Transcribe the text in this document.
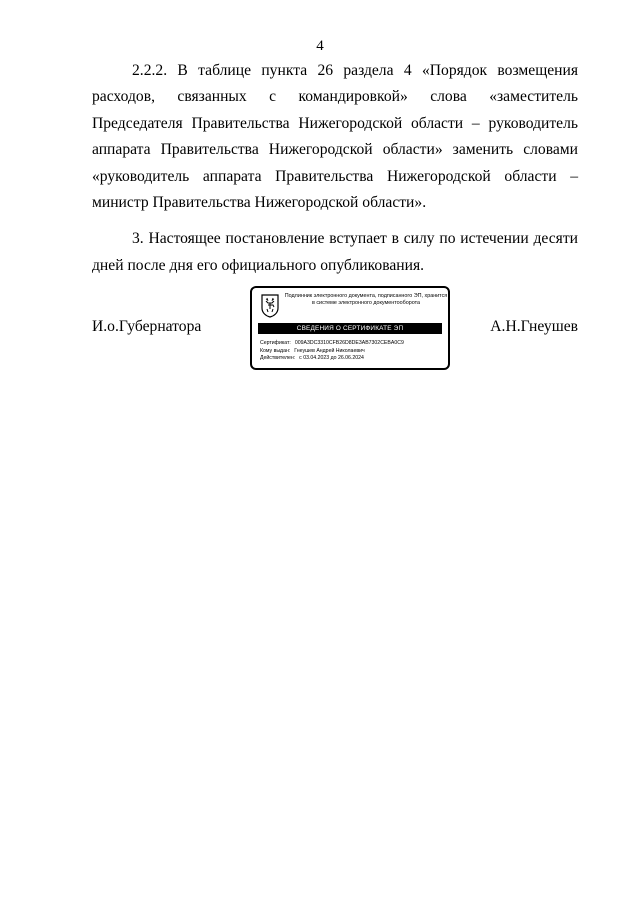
4

2.2.2. В таблице пункта 26 раздела 4 «Порядок возмещения расходов, связанных с командировкой» слова «заместитель Председателя Правительства Нижегородской области – руководитель аппарата Правительства Нижегородской области» заменить словами «руководитель аппарата Правительства Нижегородской области – министр Правительства Нижегородской области».

3. Настоящее постановление вступает в силу по истечении десяти дней после дня его официального опубликования.

И.о.Губернатора
Подлинник электронного документа, подписанного ЭП, хранится в системе электронного документооборота
СВЕДЕНИЯ О СЕРТИФИКАТЕ ЭП
Сертификат: 009A3DC3310CFB26D8DE3AB7302CEBA0C9
Кому выдан: Гнеушев Андрей Николаевич
Действителен: с 03.04.2023 до 26.06.2024
А.Н.Гнеушев
